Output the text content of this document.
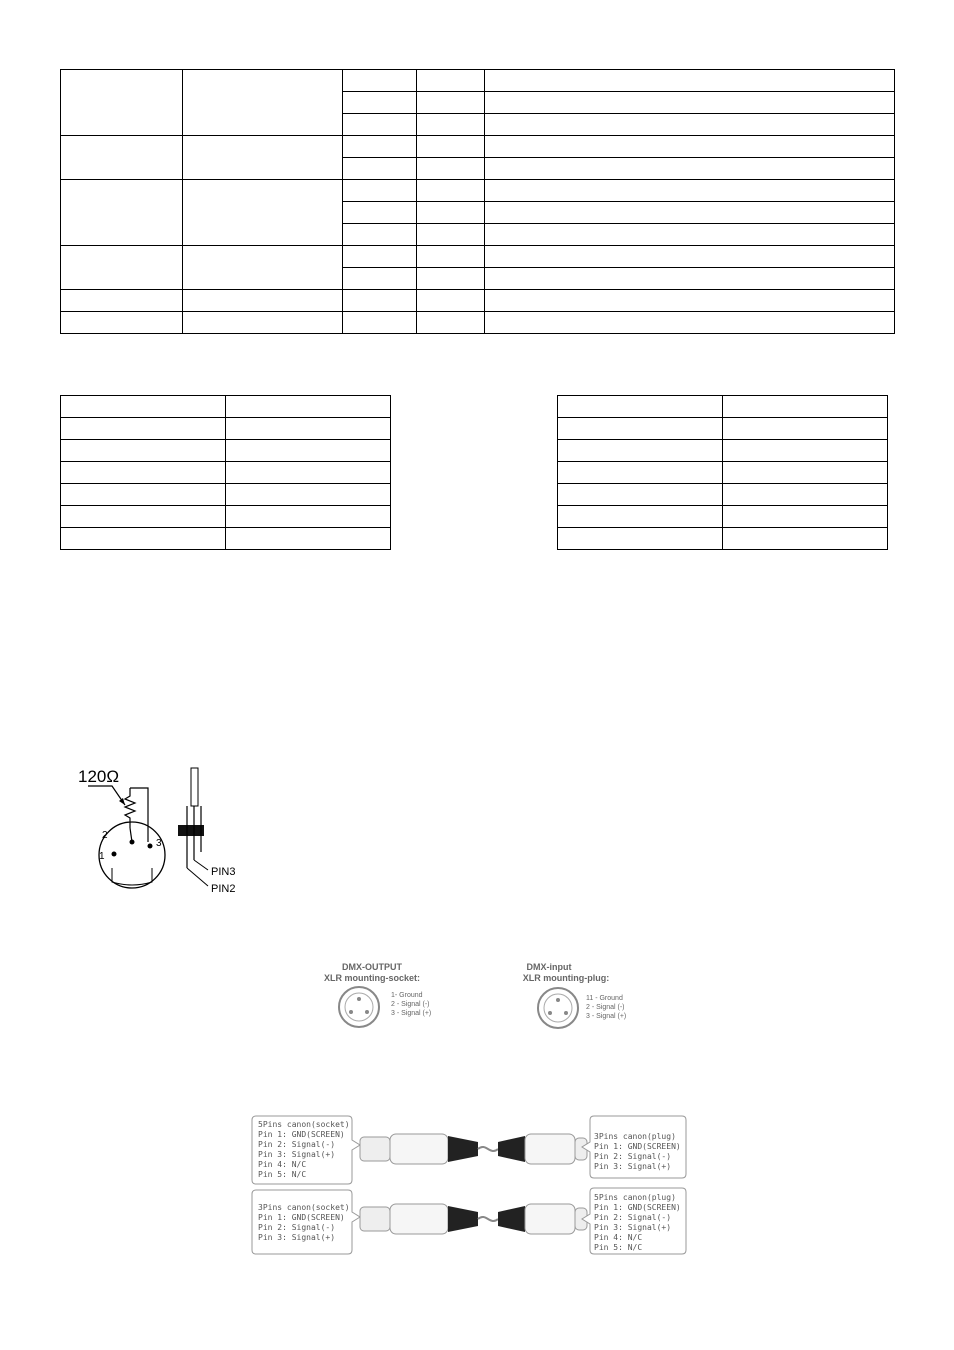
120Ω
2
1
3
PIN3
PIN2
DMX-OUTPUT
XLR mounting-socket:
1- Ground
2 - Signal (-)
3 - Signal (+)
DMX-input
XLR mounting-plug:
11 - Ground
2 - Signal (-)
3 - Signal (+)
5Pins canon(socket)
Pin 1: GND(SCREEN)
Pin 2: Signal(-)
Pin 3: Signal(+)
Pin 4: N/C
Pin 5: N/C
3Pins canon(plug)
Pin 1: GND(SCREEN)
Pin 2: Signal(-)
Pin 3: Signal(+)
3Pins canon(socket)
Pin 1: GND(SCREEN)
Pin 2: Signal(-)
Pin 3: Signal(+)
5Pins canon(plug)
Pin 1: GND(SCREEN)
Pin 2: Signal(-)
Pin 3: Signal(+)
Pin 4: N/C
Pin 5: N/C
